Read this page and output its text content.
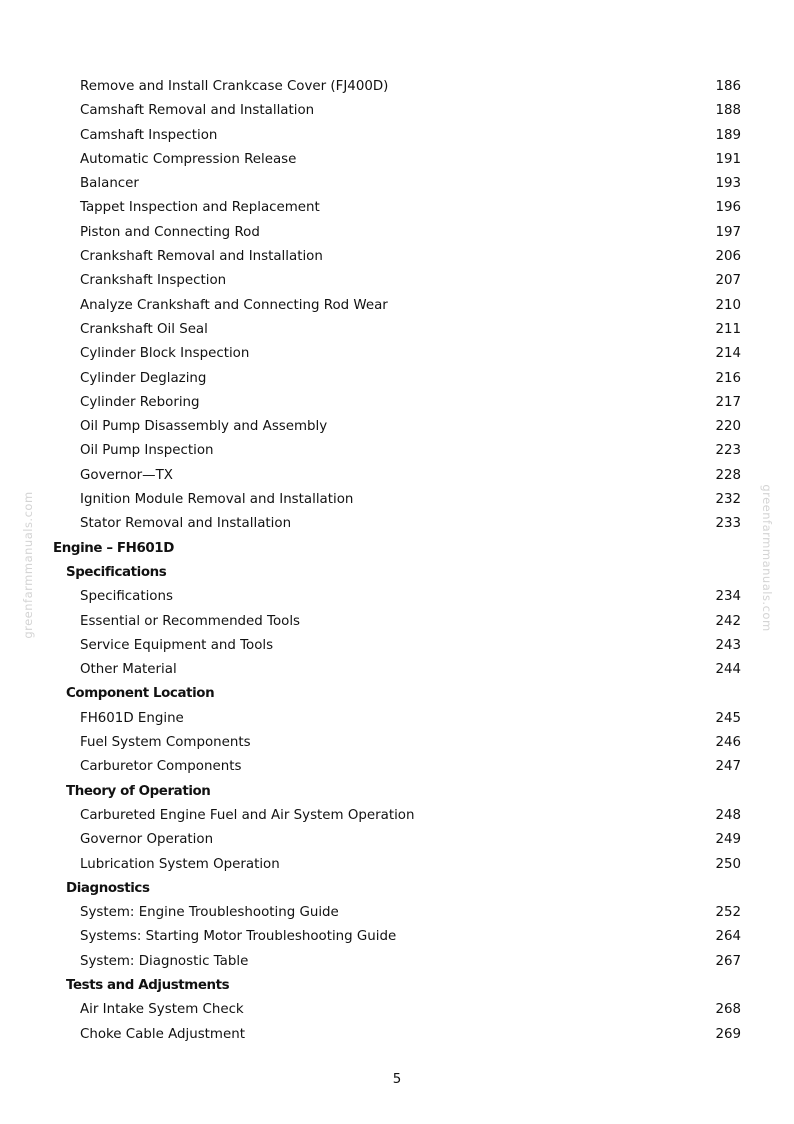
Remove and Install Crankcase Cover (FJ400D)	186
Camshaft Removal and Installation	188
Camshaft Inspection	189
Automatic Compression Release	191
Balancer	193
Tappet Inspection and Replacement	196
Piston and Connecting Rod	197
Crankshaft Removal and Installation	206
Crankshaft Inspection	207
Analyze Crankshaft and Connecting Rod Wear	210
Crankshaft Oil Seal	211
Cylinder Block Inspection	214
Cylinder Deglazing	216
Cylinder Reboring	217
Oil Pump Disassembly and Assembly	220
Oil Pump Inspection	223
Governor—TX	228
Ignition Module Removal and Installation	232
Stator Removal and Installation	233
Engine – FH601D
Specifications
Specifications	234
Essential or Recommended Tools	242
Service Equipment and Tools	243
Other Material	244
Component Location
FH601D Engine	245
Fuel System Components	246
Carburetor Components	247
Theory of Operation
Carbureted Engine Fuel and Air System Operation	248
Governor Operation	249
Lubrication System Operation	250
Diagnostics
System: Engine Troubleshooting Guide	252
Systems: Starting Motor Troubleshooting Guide	264
System: Diagnostic Table	267
Tests and Adjustments
Air Intake System Check	268
Choke Cable Adjustment	269
greenfarmmanuals.com	greenfarmmanuals.com
5
